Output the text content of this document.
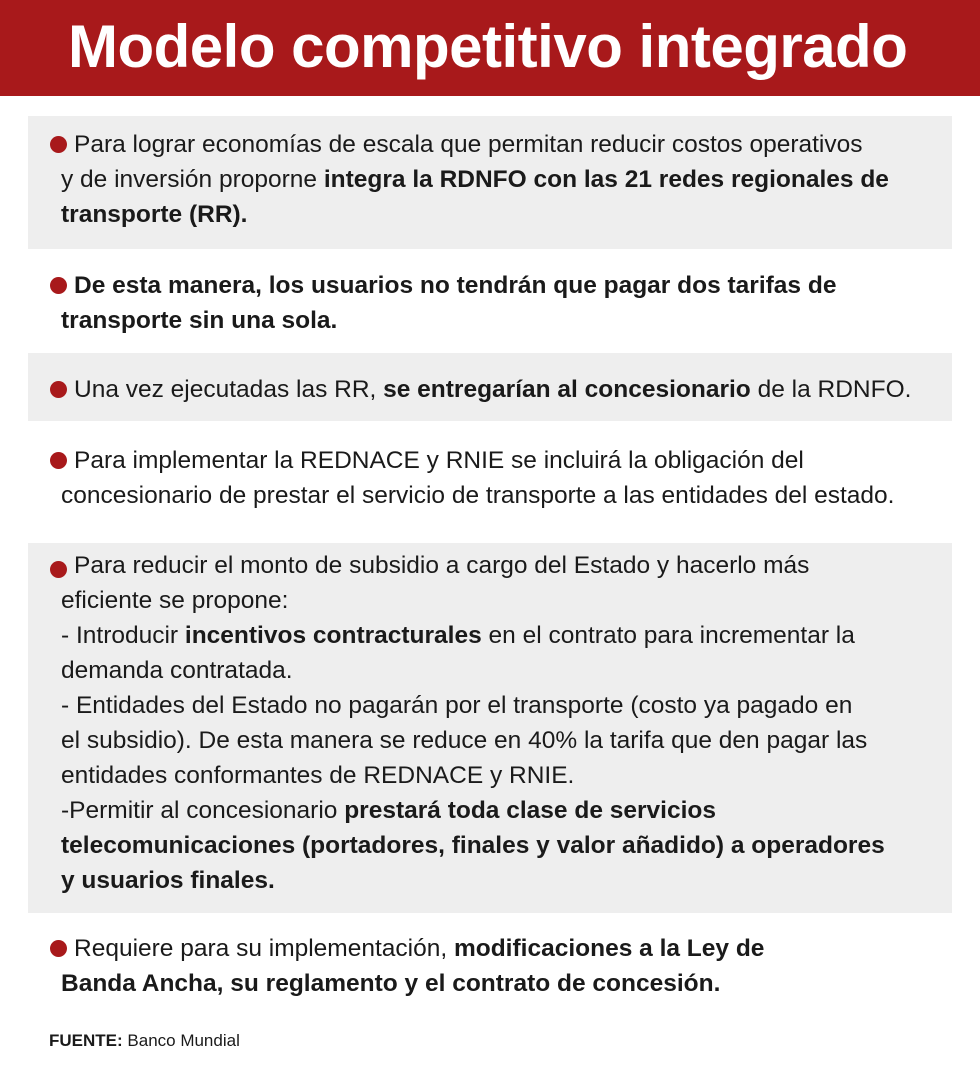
Modelo competitivo integrado
Para lograr economías de escala que permitan reducir costos operativos
y de inversión proporne integra la RDNFO con las 21 redes regionales de
transporte (RR).
De esta manera, los usuarios no tendrán que pagar dos tarifas de
transporte sin una sola.
Una vez ejecutadas las RR, se entregarían al concesionario de la RDNFO.
Para implementar la REDNACE y RNIE se incluirá la obligación del
concesionario de prestar el servicio de transporte a las entidades del estado.
Para reducir el monto de subsidio a cargo del Estado y hacerlo más
eficiente se propone:
- Introducir incentivos contracturales en el contrato para incrementar la
demanda contratada.
- Entidades del Estado no pagarán por el transporte (costo ya pagado en
el subsidio). De esta manera se reduce en 40% la tarifa que den pagar las
entidades conformantes de REDNACE y RNIE.
-Permitir al concesionario prestará toda clase de servicios
telecomunicaciones (portadores, finales y valor añadido) a operadores
y usuarios finales.
Requiere para su implementación, modificaciones a la Ley de
Banda Ancha, su reglamento y el contrato de concesión.
FUENTE: Banco Mundial
